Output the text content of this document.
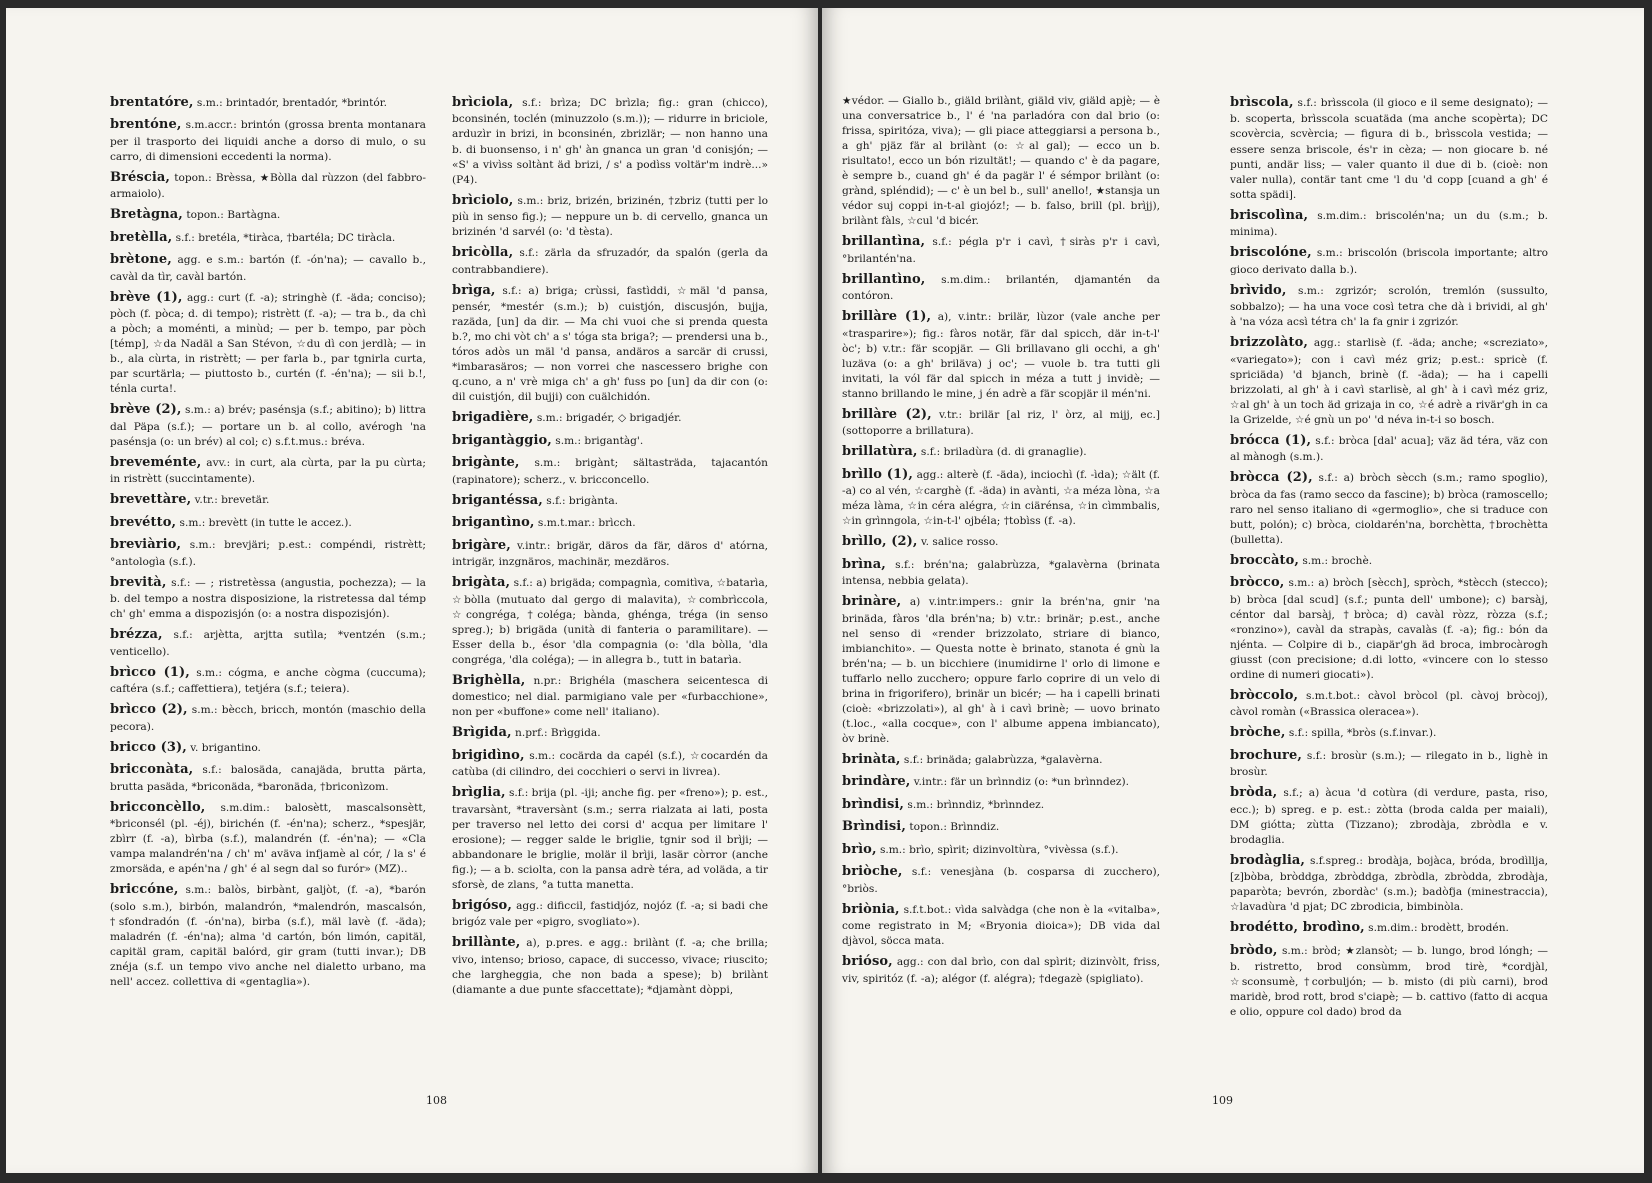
brentatóre, s.m.: brintadór, brentadór, *brintór.
brentóne, s.m.accr.: brintón (grossa brenta montanara per il trasporto dei liquidi anche a dorso di mulo, o su carro, di dimensioni eccedenti la norma).
Bréscia, topon.: Brèssa, ★Bòlla dal rùzzon (del fabbro-armaiolo).
Bretàgna, topon.: Bartàgna.
bretèlla, s.f.: bretéla, *tiràca, †bartéla; DC tiràcla.
brètone, agg. e s.m.: bartón (f. -ón'na); — cavallo b., cavàl da tìr, cavàl bartón.
brève (1), agg.: curt (f. -a); stringhè (f. -äda; conciso); pòch (f. pòca; d. di tempo); ristrètt (f. -a); — tra b., da chì a pòch; a moménti, a minùd; — per b. tempo, par pòch [témp], ☆da Nadäl a San Stévon, ☆du dì con jerdlà; — in b., ala cùrta, in ristrètt; — per farla b., par tgnirla curta, par scurtärla; — piuttosto b., curtén (f. -én'na); — sii b.!, ténla curta!.
brève (2), s.m.: a) brév; pasénsja (s.f.; abitino); b) littra dal Päpa (s.f.); — portare un b. al collo, avérogh 'na pasénsja (o: un brév) al col; c) s.f.t.mus.: bréva.
breveménte, avv.: in curt, ala cùrta, par la pu cùrta; in ristrètt (succintamente).
brevettàre, v.tr.: brevetär.
brevétto, s.m.: brevètt (in tutte le accez.).
breviàrio, s.m.: brevjäri; p.est.: compéndi, ristrètt; °antologìa (s.f.).
brevità, s.f.: — ; ristretèssa (angustia, pochezza); — la b. del tempo a nostra disposizione, la ristretessa dal témp ch' gh' emma a dispozisjón (o: a nostra dispozisjón).
brézza, s.f.: arjètta, arjtta sutìla; *ventzén (s.m.; venticello).
brìcco (1), s.m.: cógma, e anche cògma (cuccuma); caftéra (s.f.; caffettiera), tetjéra (s.f.; teiera).
brìcco (2), s.m.: bècch, bricch, montón (maschio della pecora).
bricco (3), v. brigantino.
bricconàta, s.f.: balosäda, canajäda, brutta pärta, brutta pasäda, *briconäda, *baronäda, †briconìzom.
bricconcèllo, s.m.dim.: balosètt, mascalsonsètt, *briconsél (pl. -éj), birichén (f. -én'na); scherz., *spesjär, zbìrr (f. -a), bìrba (s.f.), malandrén (f. -én'na); — «Cla vampa malandrén'na / ch' m' aväva infjamè al cór, / la s' é zmorsäda, e apén'na / gh' é al segn dal so furór» (MZ)..
briccóne, s.m.: balòs, birbànt, galjòt, (f. -a), *barón (solo s.m.), birbón, malandrón, *malendrón, mascalsón, †sfondradón (f. -ón'na), birba (s.f.), mäl lavè (f. -äda); maladrén (f. -én'na); alma 'd cartón, bón limón, capitäl, capitäl gram, capitäl balórd, gir gram (tutti invar.); DB znéja (s.f. un tempo vivo anche nel dialetto urbano, ma nell' accez. collettiva di «gentaglia»).
brìciola, s.f.: brìza; DC brìzla; fig.: gran (chicco), bconsinén, toclén (minuzzolo (s.m.)); — ridurre in briciole, arduzìr in brizi, in bconsinén, zbrizlär; — non hanno una b. di buonsenso, i n' gh' àn gnanca un gran 'd conisjón; — «S' a vivìss soltànt äd brizi, / s' a podìss voltär'm indrè...» (P4).
brìciolo, s.m.: briz, brizén, brizinén, †zbriz (tutti per lo più in senso fig.); — neppure un b. di cervello, gnanca un brizinén 'd sarvél (o: 'd tèsta).
bricòlla, s.f.: zärla da sfruzadór, da spalón (gerla da contrabbandiere).
brìga, s.f.: a) briga; crùssi, fastìddi, ☆mäl 'd pansa, pensér, *mestér (s.m.); b) cuistjón, discusjón, bujja, razäda, [un] da dir. — Ma chi vuoi che si prenda questa b.?, mo chi vòt ch' a s' tóga sta briga?; — prendersi una b., tóros adòs un mäl 'd pansa, andäros a sarcär di crussi, *imbarasäros; — non vorrei che nascessero brighe con q.cuno, a n' vrè miga ch' a gh' fuss po [un] da dir con (o: dil cuistjón, dil bujji) con cuälchidón.
brigadière, s.m.: brigadér, ◇ brigadjér.
brigantàggio, s.m.: brigantàg'.
brigànte, s.m.: brigànt; sältasträda, tajacantón (rapinatore); scherz., v. bricconcello.
brigantéssa, s.f.: brigànta.
brigantìno, s.m.t.mar.: brìcch.
brigàre, v.intr.: brigär, däros da fär, däros d' atórna, intrigär, inzgnäros, machinär, mezdäros.
brigàta, s.f.: a) brigäda; compagnìa, comitìva, ☆batarìa, ☆bòlla (mutuato dal gergo di malavita), ☆combrìccola, ☆congréga, †coléga; bànda, ghénga, tréga (in senso spreg.); b) brigäda (unità di fanteria o paramilitare). — Esser della b., ésor 'dla compagnia (o: 'dla bòlla, 'dla congréga, 'dla coléga); — in allegra b., tutt in batarìa.
Brighèlla, n.pr.: Brighéla (maschera seicentesca di domestico; nel dial. parmigiano vale per «furbacchione», non per «buffone» come nell' italiano).
Brìgida, n.prf.: Brìggida.
brigidìno, s.m.: cocärda da capél (s.f.), ☆cocardén da catùba (di cilindro, dei cocchieri o servi in livrea).
brìglia, s.f.: brija (pl. -iji; anche fig. per «freno»); p. est., travarsànt, *traversànt (s.m.; serra rialzata ai lati, posta per traverso nel letto dei corsi d' acqua per limitare l' erosione); — regger salde le briglie, tgnir sod il brìji; — abbandonare le briglie, molär il brìji, lasär còrror (anche fig.); — a b. sciolta, con la pansa adrè téra, ad voläda, a tir sforsè, de zlans, °a tutta manetta.
brigóso, agg.: dificcil, fastidjóz, nojóz (f. -a; si badi che brigóz vale per «pigro, svogliato»).
brillànte, a), p.pres. e agg.: brilànt (f. -a; che brilla; vivo, intenso; brioso, capace, di successo, vivace; riuscito; che largheggia, che non bada a spese); b) brilànt (diamante a due punte sfaccettate); *djamànt dòppi,
108
★védor. — Giallo b., giäld brilànt, giäld viv, giäld apjè; — è una conversatrice b., l' é 'na parladóra con dal brio (o: frissa, spiritóza, viva); — gli piace atteggiarsi a persona b., a gh' pjäz fär al brilànt (o: ☆al gal); — ecco un b. risultato!, ecco un bón rizultät!; — quando c' è da pagare, è sempre b., cuand gh' é da pagär l' é sémpor brilànt (o: grànd, spléndid); — c' è un bel b., sull' anello!, ★stansja un védor suj coppi in-t-al giojóz!; — b. falso, brill (pl. brìjj), brilànt fàls, ☆cul 'd bicér.
brillantìna, s.f.: pégla p'r i cavì, †siràs p'r i cavì, °brilantén'na.
brillantìno, s.m.dim.: brilantén, djamantén da contóron.
brillàre (1), a), v.intr.: brilär, lùzor (vale anche per «trasparire»); fig.: fàros notär, fär dal spicch, där in-t-l' òc'; b) v.tr.: fär scopjär. — Gli brillavano gli occhi, a gh' luzäva (o: a gh' briläva) j oc'; — vuole b. tra tutti gli invitati, la vól fär dal spicch in méza a tutt j invidè; — stanno brillando le mine, j én adrè a fär scopjär il mén'ni.
brillàre (2), v.tr.: brilär [al riz, l' òrz, al mijj, ec.] (sottoporre a brillatura).
brillatùra, s.f.: briladùra (d. di granaglie).
brìllo (1), agg.: alterè (f. -äda), inciochì (f. -ìda); ☆ält (f. -a) co al vén, ☆carghè (f. -äda) in avànti, ☆a méza lòna, ☆a méza làma, ☆in céra alégra, ☆in ciärénsa, ☆in cìmmbalis, ☆in grìnngola, ☆in-t-l' ojbéla; †tobìss (f. -a).
brìllo, (2), v. salice rosso.
brìna, s.f.: brén'na; galabrùzza, *galavèrna (brinata intensa, nebbia gelata).
brinàre, a) v.intr.impers.: gnir la brén'na, gnir 'na brinäda, fàros 'dla brén'na; b) v.tr.: brinär; p.est., anche nel senso di «render brizzolato, striare di bianco, imbianchito». — Questa notte è brinato, stanota é gnù la brén'na; — b. un bicchiere (inumidirne l' orlo di limone e tuffarlo nello zucchero; oppure farlo coprire di un velo di brina in frigorifero), brinär un bicér; — ha i capelli brinati (cioè: «brizzolati»), al gh' à i cavì brinè; — uovo brinato (t.loc., «alla cocque», con l' albume appena imbiancato), òv brinè.
brinàta, s.f.: brinäda; galabrùzza, *galavèrna.
brindàre, v.intr.: fär un brìnndiz (o: *un brìnndez).
brìndisi, s.m.: brìnndiz, *brìnndez.
Brìndisi, topon.: Brìnndiz.
brìo, s.m.: brìo, spìrit; dizinvoltùra, °vivèssa (s.f.).
briòche, s.f.: venesjàna (b. cosparsa di zucchero), °briòs.
briònia, s.f.t.bot.: vìda salvàdga (che non è la «vitalba», come registrato in M; «Bryonia dioica»); DB vida dal djàvol, söcca mata.
brióso, agg.: con dal brìo, con dal spìrit; dizinvòlt, friss, viv, spiritóz (f. -a); alégor (f. alégra); †degazè (spigliato).
brìscola, s.f.: brìsscola (il gioco e il seme designato); — b. scoperta, brìsscola scuatäda (ma anche scopèrta); DC scovèrcia, scvèrcia; — figura di b., brìsscola vestida; — essere senza briscole, és'r in cèza; — non giocare b. né punti, andär liss; — valer quanto il due di b. (cioè: non valer nulla), contär tant cme 'l du 'd copp [cuand a gh' é sotta spädi].
briscolìna, s.m.dim.: briscolén'na; un du (s.m.; b. minima).
briscolóne, s.m.: briscolón (briscola importante; altro gioco derivato dalla b.).
brìvido, s.m.: zgrizór; scrolón, tremlón (sussulto, sobbalzo); — ha una voce così tetra che dà i brividi, al gh' à 'na vóza acsì tétra ch' la fa gnir i zgrizór.
brizzolàto, agg.: starlisè (f. -äda; anche; «screziato», «variegato»); con i cavì méz griz; p.est.: spricè (f. spriciäda) 'd bjanch, brinè (f. -äda); — ha i capelli brizzolati, al gh' à i cavì starlisè, al gh' à i cavì méz griz, ☆al gh' à un toch äd grizaja in co, ☆é adrè a rivär'gh in ca la Grizelde, ☆é gnù un po' 'd néva in-t-i so bosch.
brócca (1), s.f.: bròca [dal' acua]; väz äd téra, väz con al mànogh (s.m.).
bròcca (2), s.f.: a) bròch sècch (s.m.; ramo spoglio), bròca da fas (ramo secco da fascine); b) bròca (ramoscello; raro nel senso italiano di «germoglio», che si traduce con butt, polón); c) bròca, cioldarén'na, borchètta, †brochètta (bulletta).
broccàto, s.m.: brochè.
bròcco, s.m.: a) bròch [sècch], spròch, *stècch (stecco); b) bròca [dal scud] (s.f.; punta dell' umbone); c) barsàj, céntor dal barsàj, †bròca; d) cavàl ròzz, ròzza (s.f.; «ronzino»), cavàl da strapàs, cavalàs (f. -a); fig.: bón da njénta. — Colpire di b., ciapär'gh äd broca, imbrocàrogh giusst (con precisione; d.di lotto, «vincere con lo stesso ordine di numeri giocati»).
bròccolo, s.m.t.bot.: càvol bròcol (pl. càvoj bròcoj), càvol romàn («Brassica oleracea»).
bròche, s.f.: spilla, *bròs (s.f.invar.).
brochure, s.f.: brosùr (s.m.); — rilegato in b., lighè in brosùr.
bròda, s.f.; a) àcua 'd cotùra (di verdure, pasta, riso, ecc.); b) spreg. e p. est.: zòtta (broda calda per maiali), DM giótta; zùtta (Tizzano); zbrodàja, zbròdla e v. brodaglia.
brodàglia, s.f.spreg.: brodàja, bojàca, bróda, brodìllja, [z]bòba, bròddga, zbròddga, zbròdla, zbròdda, zbrodàja, paparòta; bevrón, zbordàc' (s.m.); badòfja (minestraccia), ☆lavadùra 'd pjat; DC zbrodicia, bimbinòla.
brodétto, brodìno, s.m.dim.: brodètt, brodén.
bròdo, s.m.: bròd; ★zlansòt; — b. lungo, brod lóngh; — b. ristretto, brod consùmm, brod tirè, *cordjàl, ☆sconsumè, †corbuljón; — b. misto (di più carni), brod maridè, brod rott, brod s'ciapè; — b. cattivo (fatto di acqua e olio, oppure col dado) brod da
109
